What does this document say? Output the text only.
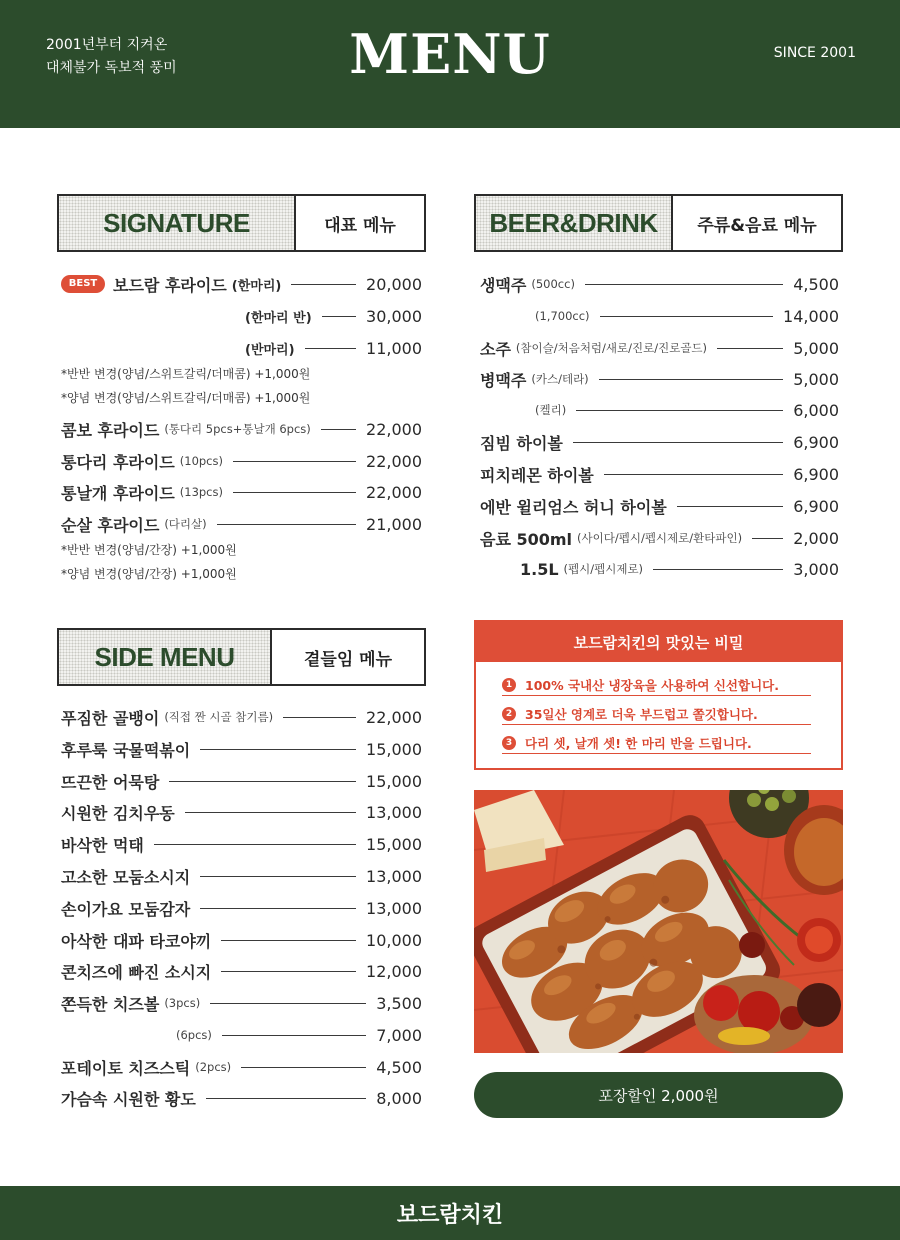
2001년부터 지켜온
대체불가 독보적 풍미	MENU	SINCE 2001
SIGNATURE	대표 메뉴
BEST 보드람 후라이드 (한마리)	20,000
(한마리 반)	30,000
(반마리)	11,000
*반반 변경(양념/스위트갈릭/더매콤) +1,000원
*양념 변경(양념/스위트갈릭/더매콤) +1,000원
콤보 후라이드 (통다리 5pcs+통날개 6pcs)	22,000
통다리 후라이드 (10pcs)	22,000
통날개 후라이드 (13pcs)	22,000
순살 후라이드 (다리살)	21,000
*반반 변경(양념/간장) +1,000원
*양념 변경(양념/간장) +1,000원
BEER&DRINK	주류&음료 메뉴
생맥주 (500cc)	4,500
(1,700cc)	14,000
소주 (참이슬/처음처럼/새로/진로/진로골드)	5,000
병맥주 (카스/테라)	5,000
(켈리)	6,000
짐빔 하이볼	6,900
피치레몬 하이볼	6,900
에반 윌리엄스 허니 하이볼	6,900
음료 500ml (사이다/펩시/펩시제로/환타파인)	2,000
1.5L (펩시/펩시제로)	3,000
SIDE MENU	곁들임 메뉴
푸짐한 골뱅이 (직접 짠 시골 참기름)	22,000
후루룩 국물떡볶이	15,000
뜨끈한 어묵탕	15,000
시원한 김치우동	13,000
바삭한 먹태	15,000
고소한 모둠소시지	13,000
손이가요 모둠감자	13,000
아삭한 대파 타코야끼	10,000
콘치즈에 빠진 소시지	12,000
쫀득한 치즈볼 (3pcs)	3,500
(6pcs)	7,000
포테이토 치즈스틱 (2pcs)	4,500
가슴속 시원한 황도	8,000
보드람치킨의 맛있는 비밀
1	100% 국내산 냉장육을 사용하여 신선합니다.
2	35일산 영계로 더욱 부드럽고 쫄깃합니다.
3	다리 셋, 날개 셋! 한 마리 반을 드립니다.
포장할인 2,000원
보드람치킨
